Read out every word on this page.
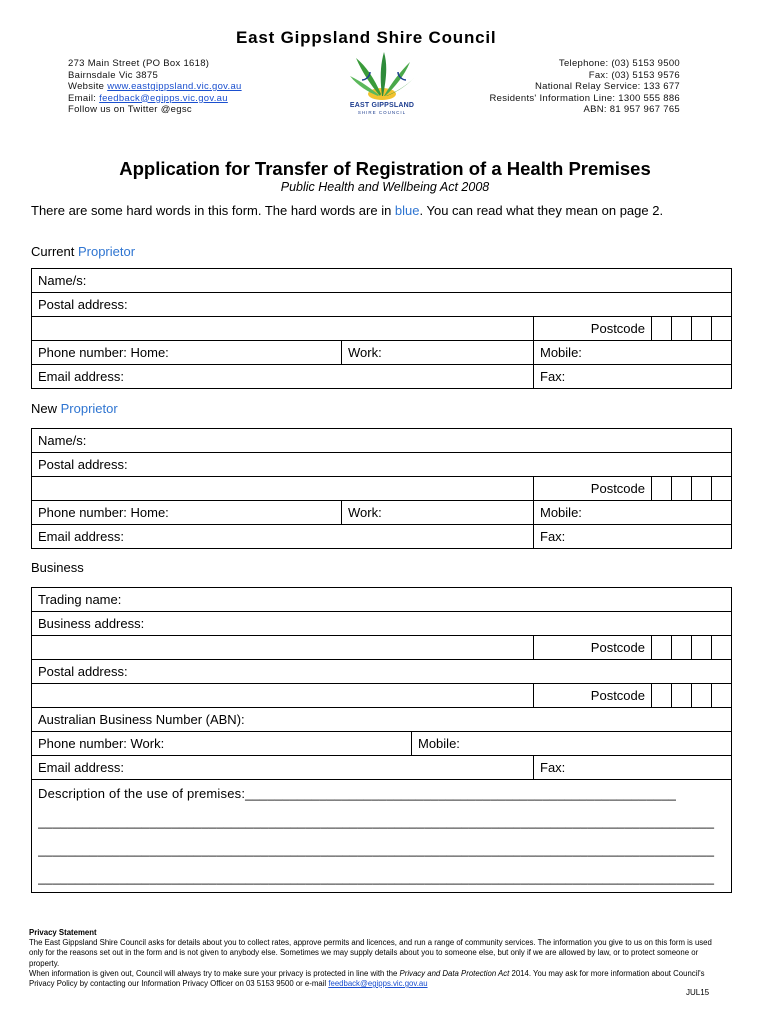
East Gippsland Shire Council
273 Main Street (PO Box 1618)
Bairnsdale Vic 3875
Website www.eastgippsland.vic.gov.au
Email: feedback@egipps.vic.gov.au
Follow us on Twitter @egsc	EAST GIPPSLAND
SHIRE COUNCIL
Telephone: (03) 5153 9500
Fax: (03) 5153 9576
National Relay Service: 133 677
Residents' Information Line: 1300 555 886
ABN: 81 957 967 765
Application for Transfer of Registration of a Health Premises
Public Health and Wellbeing Act 2008
There are some hard words in this form. The hard words are in blue. You can read what they mean on page 2.
Current Proprietor
Name/s:						
Postal address:						
		Postcode				
Phone number: Home:	Work:	Mobile:				
Email address:		Fax:				
New Proprietor
Name/s:						
Postal address:						
		Postcode				
Phone number: Home:	Work:	Mobile:				
Email address:		Fax:				
Business
Trading name:						
Business address:						
		Postcode				
Postal address:						
		Postcode				
Australian Business Number (ABN):						
Phone number: Work:	Mobile:					
Email address:		Fax:				

Description of the use of premises:__________________________________________________________
___________________________________________________________________________________________
___________________________________________________________________________________________
___________________________________________________________________________________________						
Privacy Statement
The East Gippsland Shire Council asks for details about you to collect rates, approve permits and licences, and run a range of community services. The information you give to us on this form is used only for the reasons set out in the form and is not given to anybody else. Sometimes we may supply details about you to someone else, but only if we are allowed by law, or to protect someone or property.
When information is given out, Council will always try to make sure your privacy is protected in line with the Privacy and Data Protection Act 2014. You may ask for more information about Council's Privacy Policy by contacting our Information Privacy Officer on 03 5153 9500 or e-mail feedback@egipps.vic.gov.au
JUL15
